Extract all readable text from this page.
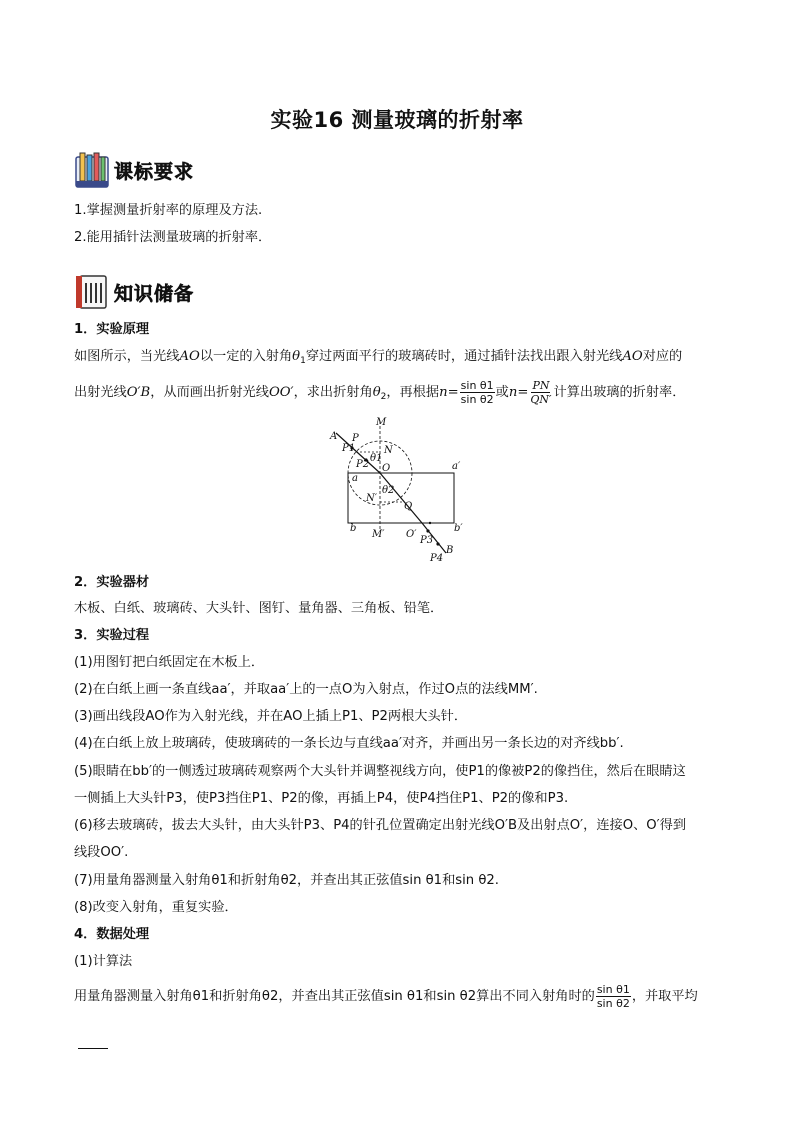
实验16 测量玻璃的折射率
课标要求
1.掌握测量折射率的原理及方法.
2.能用插针法测量玻璃的折射率．
知识储备
1．实验原理
如图所示，当光线AO以一定的入射角$\theta_1$穿过两面平行的玻璃砖时，通过插针法找出跟入射光线AO对应的
出射光线O′B，从而画出折射光线OO′，求出折射角$\theta_2$，再根据$n= \frac{\text{sin θ1}}{\text{sin θ2}}$ 或$n= \frac{PN}{QN'}$ 计算出玻璃的折射率．
A P
M
P1	N
P2
θ1
O
a
a′
N′
θ2
Q
b	b′
M′ O′
P3
B
P4
2．实验器材
木板、白纸、玻璃砖、大头针、图钉、量角器、三角板、铅笔．
3．实验过程
(1)用图钉把白纸固定在木板上．
(2)在白纸上画一条直线aa′，并取aa′上的一点O为入射点，作过O点的法线MM′.
(3)画出线段AO作为入射光线，并在AO上插上P1、P2两根大头针．
(4)在白纸上放上玻璃砖，使玻璃砖的一条长边与直线aa′对齐，并画出另一条长边的对齐线bb′.
(5)眼睛在bb′的一侧透过玻璃砖观察两个大头针并调整视线方向，使P1的像被P2的像挡住，然后在眼睛这
一侧插上大头针P3，使P3挡住P1、P2的像，再插上P4，使P4挡住P1、P2的像和P3.
(6)移去玻璃砖，拔去大头针，由大头针P3、P4的针孔位置确定出射光线O′B及出射点O′，连接O、O′得到
线段OO′.
(7)用量角器测量入射角θ1和折射角θ2，并查出其正弦值sin θ1和sin θ2.
(8)改变入射角，重复实验．
4．数据处理
(1)计算法
用量角器测量入射角θ1和折射角θ2，并查出其正弦值sin θ1和sin θ2算出不同入射角时的 $\frac{\text{sin θ1}}{\text{sin θ2}}$ ，并取平均
